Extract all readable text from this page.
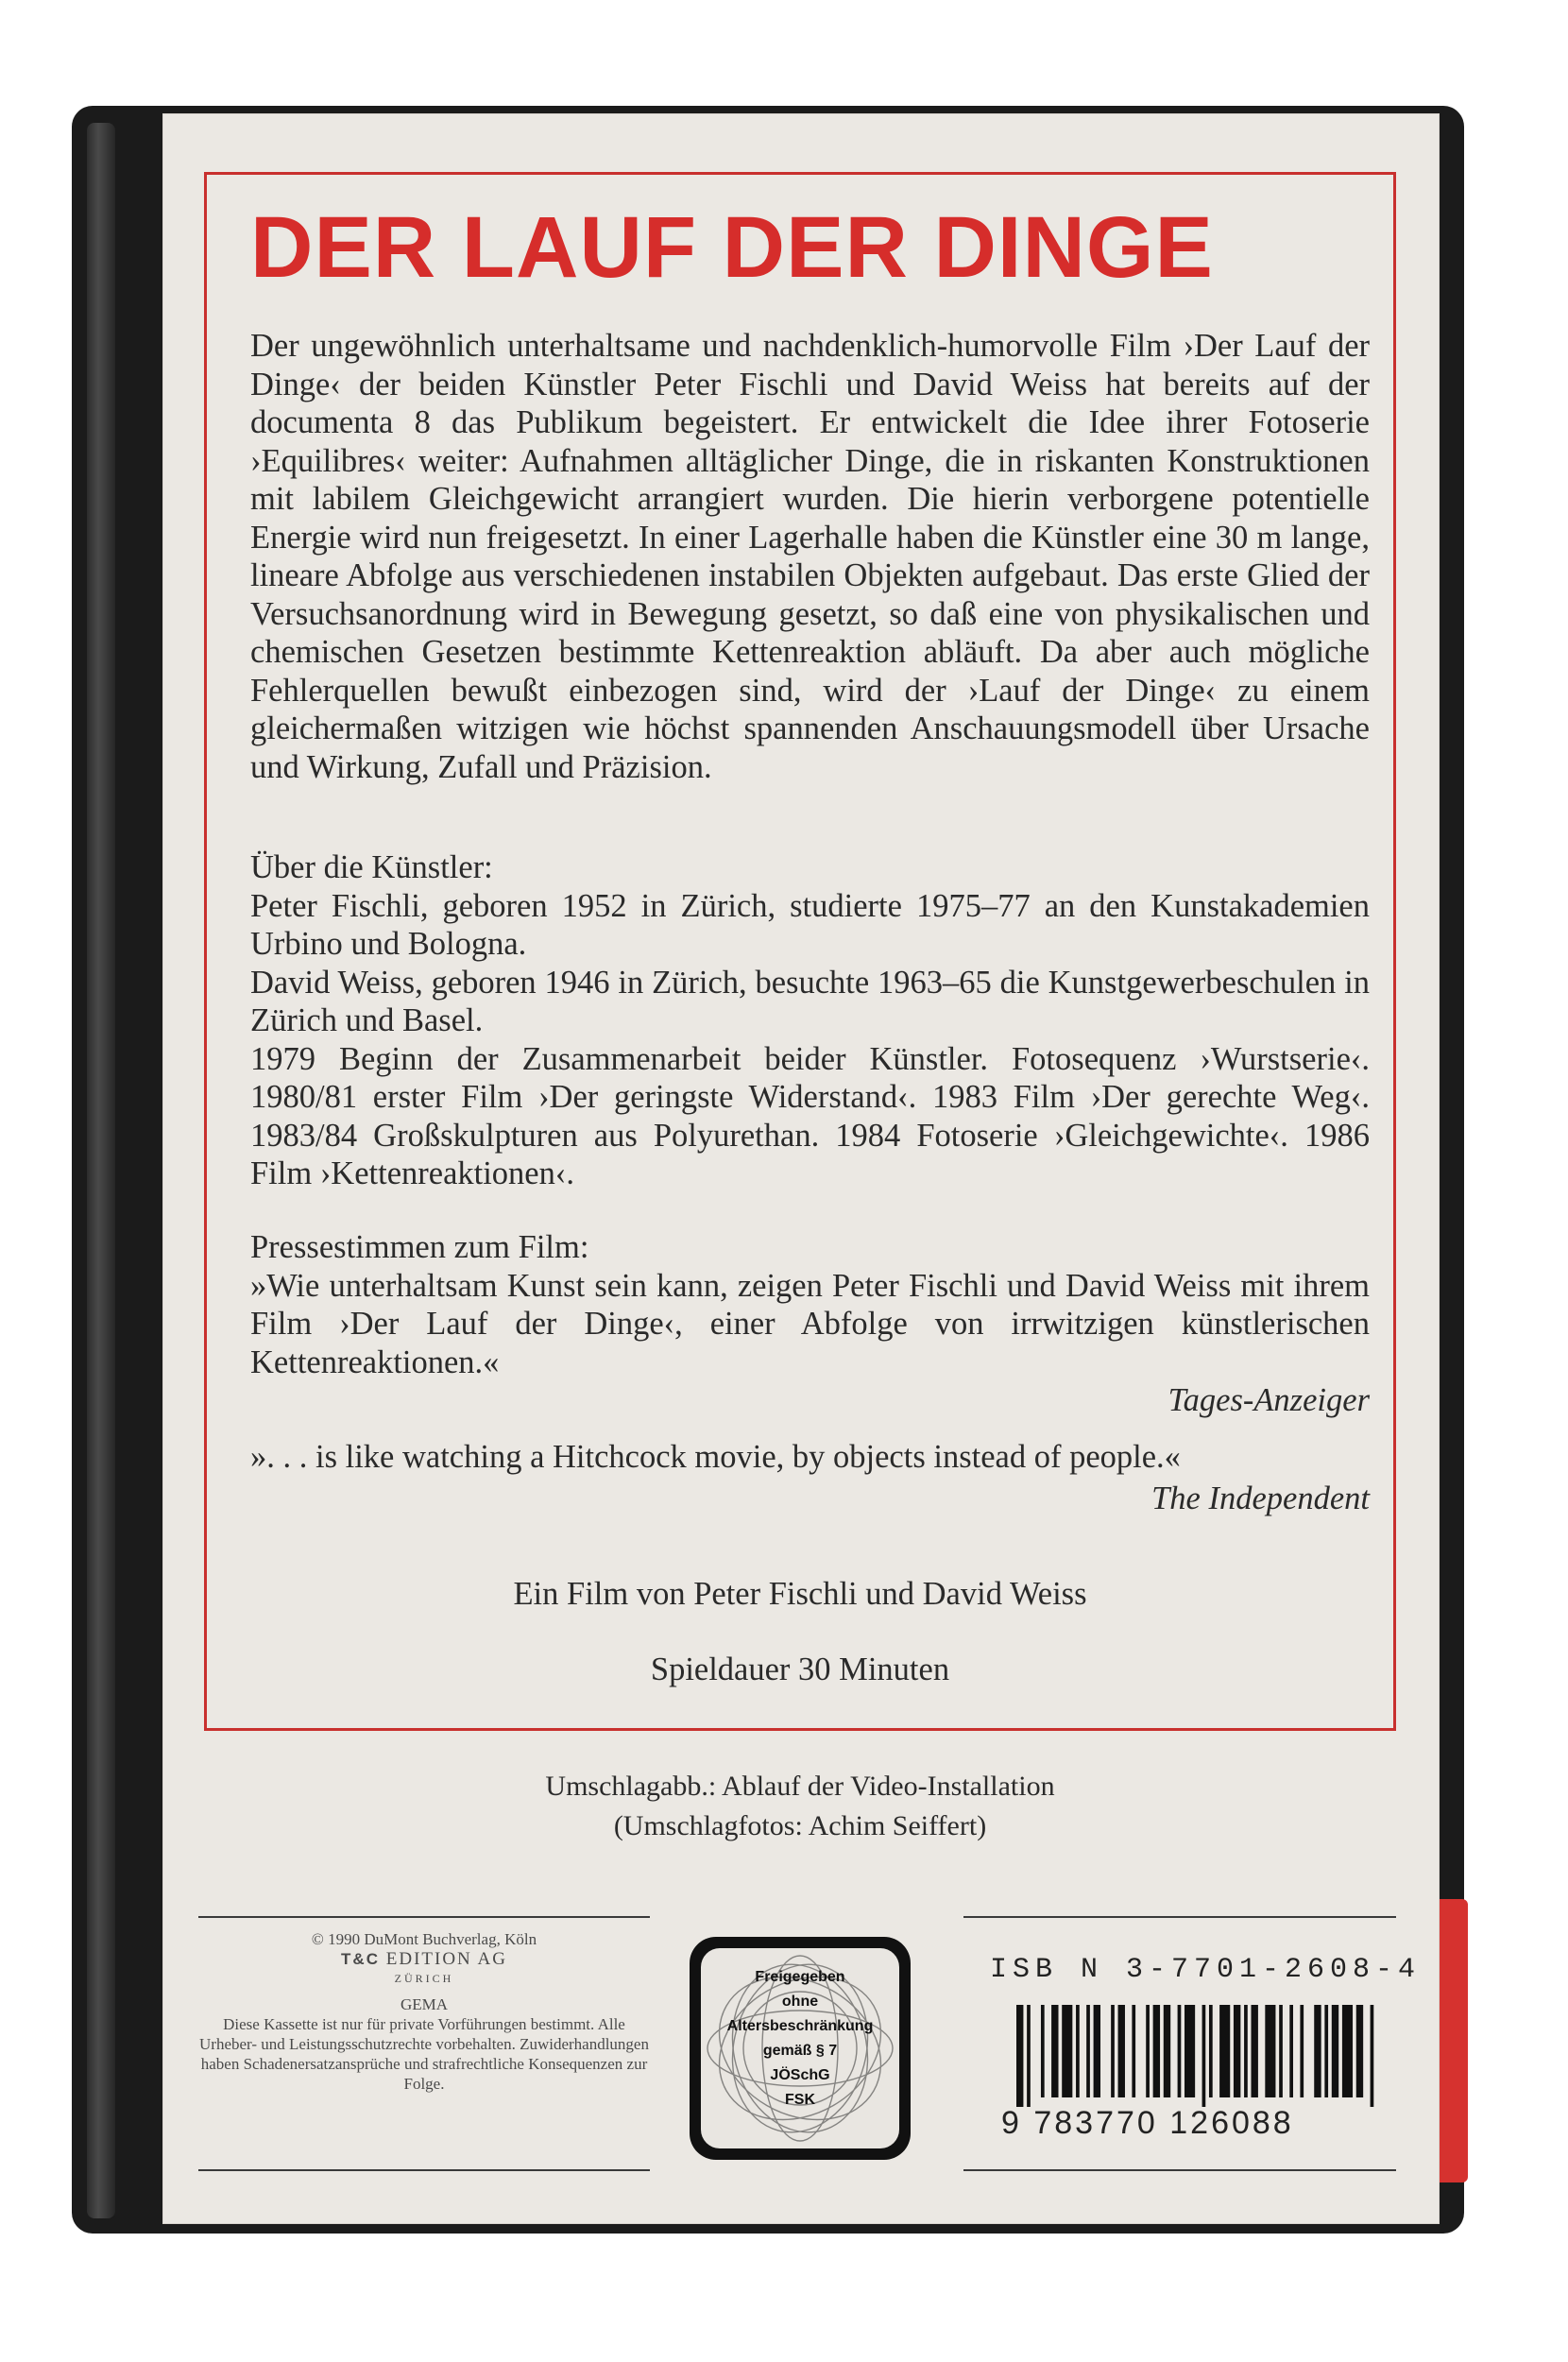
DER LAUF DER DINGE

Der ungewöhnlich unterhaltsame und nachdenklich-humorvolle Film ›Der Lauf der Dinge‹ der beiden Künstler Peter Fischli und David Weiss hat bereits auf der documenta 8 das Publikum begeistert. Er entwickelt die Idee ihrer Fotoserie ›Equilibres‹ weiter: Aufnahmen alltäglicher Dinge, die in riskanten Konstruktionen mit labilem Gleichgewicht arrangiert wurden. Die hierin verborgene potentielle Energie wird nun freigesetzt. In einer Lagerhalle haben die Künstler eine 30 m lange, lineare Abfolge aus verschiedenen instabilen Objekten aufgebaut. Das erste Glied der Versuchsanordnung wird in Bewegung gesetzt, so daß eine von physikalischen und chemischen Gesetzen bestimmte Kettenreaktion abläuft. Da aber auch mögliche Fehlerquellen bewußt einbezogen sind, wird der ›Lauf der Dinge‹ zu einem gleichermaßen witzigen wie höchst spannenden Anschauungsmodell über Ursache und Wirkung, Zufall und Präzision.

Über die Künstler:
Peter Fischli, geboren 1952 in Zürich, studierte 1975–77 an den Kunstakademien Urbino und Bologna.
David Weiss, geboren 1946 in Zürich, besuchte 1963–65 die Kunstgewerbeschulen in Zürich und Basel.
1979 Beginn der Zusammenarbeit beider Künstler. Fotosequenz ›Wurstserie‹. 1980/81 erster Film ›Der geringste Widerstand‹. 1983 Film ›Der gerechte Weg‹. 1983/84 Großskulpturen aus Polyurethan. 1984 Fotoserie ›Gleichgewichte‹. 1986 Film ›Kettenreaktionen‹.
Pressestimmen zum Film:
»Wie unterhaltsam Kunst sein kann, zeigen Peter Fischli und David Weiss mit ihrem Film ›Der Lauf der Dinge‹, einer Abfolge von irrwitzigen künstlerischen Kettenreaktionen.«
Tages-Anzeiger
». . . is like watching a Hitchcock movie, by objects instead of people.«
The Independent

Ein Film von Peter Fischli und David Weiss

Spieldauer 30 Minuten

Umschlagabb.: Ablauf der Video-Installation
(Umschlagfotos: Achim Seiffert)
© 1990 DuMont Buchverlag, Köln
T&C EDITION AG
ZÜRICH
GEMA
Diese Kassette ist nur für private Vorführungen bestimmt. Alle Urheber- und Leistungsschutzrechte vorbehalten. Zuwiderhandlungen haben Schadenersatzansprüche und strafrechtliche Konsequenzen zur Folge.
Freigegeben
ohne
Altersbeschränkung
gemäß § 7
JÖSchG
FSK

ISB N 3-7701-2608-4

9 783770 126088
